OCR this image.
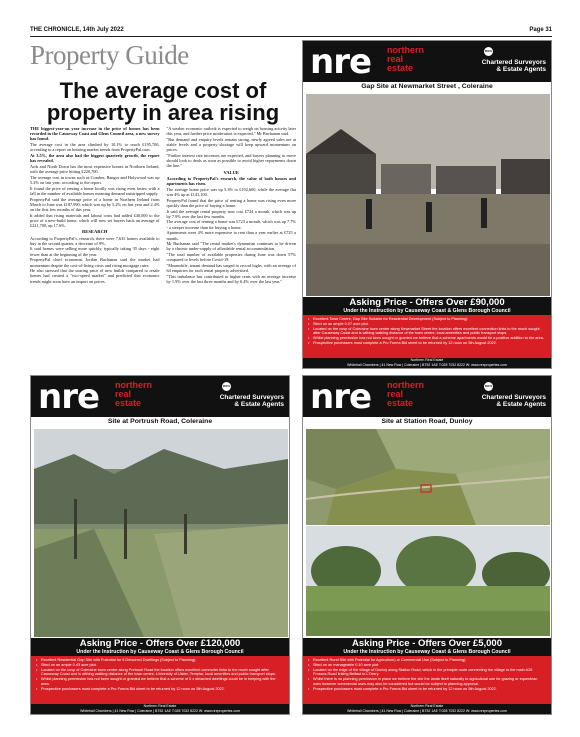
THE CHRONICLE, 14th July 2022	Page 31
Property Guide
The average cost of property in area rising

THE biggest-year-on year increase in the price of homes has been recorded in the Causeway Coast and Glens Council area, a new survey has found.

The average cost in the area climbed by 10.1% to reach £195,700, according to a report on housing market trends from PropertyPal.com.

At 3.5%, the area also had the biggest quarterly growth, the report has revealed.

Ards and North Down has the most expensive homes in Northern Ireland, with the average price hitting £220,700.

The average cost in towns such as Comber, Bangor and Holywood was up 5.2% on last year, according to the report.

It found the price of renting a home locally was rising even faster, with a fall in the number of available homes meaning demand outstripped supply.

PropertyPal said the average price of a home in Northern Ireland from March to June was £187,990, which was up by 5.2% on last year and 2.4% on the first few months of this year.

It added that rising materials and labour costs had added £40,000 to the price of a new-build home, which will now set buyers back an average of £221,700, up 17.6%.

RESEARCH

According to PropertyPal's, research, there were 7,635 homes available to buy in the second quarter, a decrease of 9%.

It said homes were selling more quickly, typically taking 35 days - eight fewer than at the beginning of the year.

PropertyPal chief economist Jordan Buchanan said the market had momentum despite the cost-of-living crisis and rising mortgage rates.

He also stressed that the soaring price of new builds compared to resale homes had created a "two-speed market" and predicted that economic trends might soon have an impact on prices.

"A weaker economic outlook is expected to weigh on housing activity later this year, and further price moderation is expected," Mr Buchanan said.

"But demand and enquiry levels remain strong, newly agreed sales are at stable levels and a property shortage will keep upward momentum on prices.

"Further interest rate increases are expected, and buyers planning to move should look to deals as soon as possible to avoid higher repayments down the line."

VALUE

According to PropertyPal's research, the value of both houses and apartments has risen.

The average home price was up 5.3% to £192,600, while the average flat was 4% up at £141,100.

PropertyPal found that the price of renting a home was rising even more quickly than the price of buying a home.

It said the average rental property now cost £724 a month, which was up by 7.9% over the last few months.

The average cost of renting a home was £723 a month, which was up 7.7% - a steeper increase than for buying a home.

Apartments were 4% more expensive to rent than a year earlier at £725 a month.

Mr Buchanan said "The rental market's dynamism continues to be driven by a chronic under-supply of affordable rental accommodation.

"The total number of available properties during June was down 57% compared to levels before Covid-19.

"Meanwhile, tenant demand has surged to record highs, with an average of 64 enquiries for each rental property advertised.

"This imbalance has contributed to higher rents with an average increase by 1.9% over the last three months and by 6.4% over the last year."

nre northern
real
estate
RICS
Chartered Surveyors
& Estate Agents
Gap Site at Newmarket Street , Coleraine
Asking Price - Offers Over £90,000
Under the Instruction by Causeway Coast & Glens Borough Council
• Excellent Town Centre, Gap Site Suitable for Residential Development (Subject to Planning).
• Sited on an ample 0.07 acre plot.
• Located on the cusp of Coleraine town centre along Newmarket Street the location offers excellent connection links to the much sought after Causeway Coast and is withing walking distance of the town centre, local amenities and public transport stops.
• Whilst planning permission has not been sought or granted we believe that a scheme apartments would be a positive addition to the area.
• Prospective purchasers must complete a Pro Forma Bid sheet to be returned by 12 noon on 5th August 2022.
Northern Real Estate
Whitehall Chambers | 41 New Row | Coleraine | BT52 1AE T:028 7032 8222 W: www.nrepropertes.com
nre northern
real
estate
RICS
Chartered Surveyors
& Estate Agents
Site at Portrush Road, Coleraine
Asking Price - Offers Over £120,000
Under the Instruction by Causeway Coast & Glens Borough Council
• Excellent Residential Gap Site with Potential for 5 Detached Dwellings (Subject to Planning).
• Sited on an ample 0.43 acre plot.
• Located on the cusp of Coleraine town centre along Portrush Road the location offers excellent commuter links to the much sought after Causeway Coast and is withing walking distance of the town centre, University of Ulster, Templar, local amenities and public transport stops.
• Whilst planning permission has not been sought or granted we believe that a scheme of 5 x detached dwellings could be in keeping with the area.
• Prospective purchasers must complete a Pro Forma Bid sheet to be returned by 12 noon on 5th August 2022.
Northern Real Estate
Whitehall Chambers | 41 New Row | Coleraine | BT52 1AE T:028 7032 8222 W: www.nrepropertes.com
nre northern
real
estate
RICS
Chartered Surveyors
& Estate Agents
Site at Station Road, Dunloy
Asking Price - Offers Over £5,000
Under the Instruction by Causeway Coast & Glens Borough Council
• Excellent Rural Site with Potential for Agriculture) or Commercial Use (Subject to Planning).
• Sited on an manageable 0.10 acre plot.
• Located on the edge of the village of Dunloy along Station Road, which is the principle route connecting the village to the main A26 Frosses Road linking Belfast to L'Derry.
• Whilst there is no planning permission in place we believe the site the lands itself naturally to agricultural use for grazing or equestrian uses however commercial uses may also be considered but would be subject to planning approval.
• Prospective purchasers must complete a Pro Forma Bid sheet to be returned by 12 noon on 5th August 2022.
Northern Real Estate
Whitehall Chambers | 41 New Row | Coleraine | BT52 1AE T:028 7032 8222 W: www.nrepropertes.com
